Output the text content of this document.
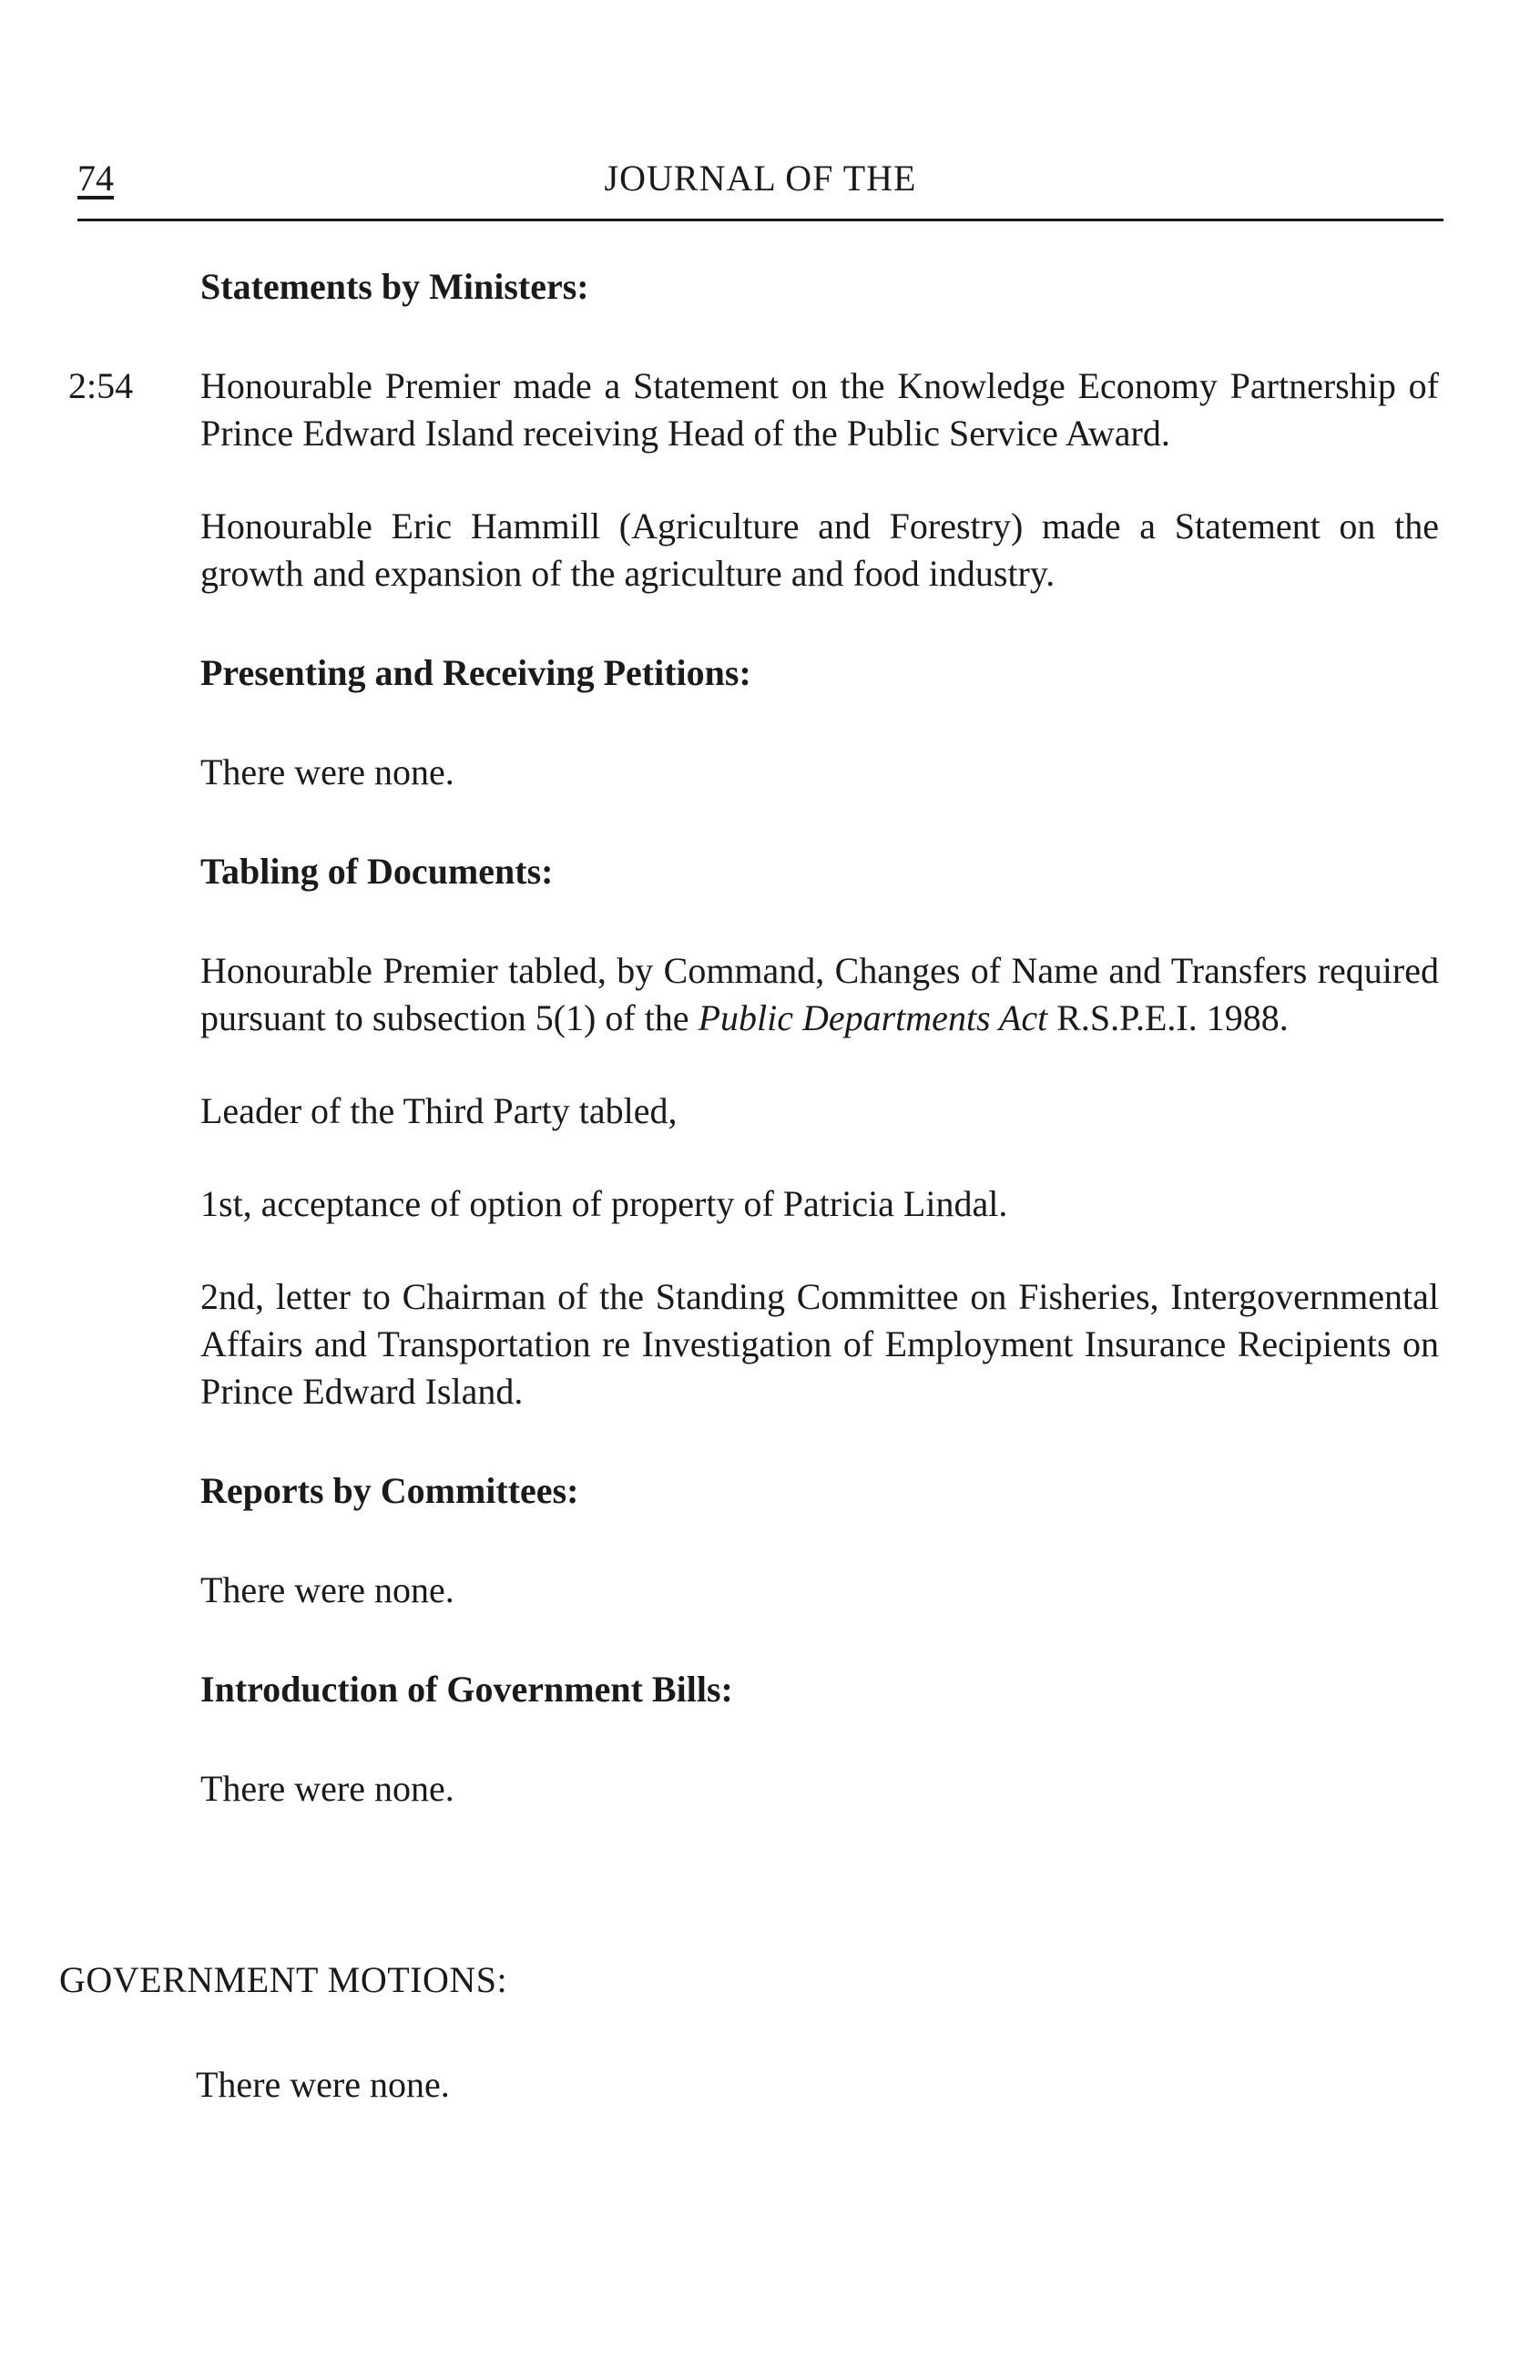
74	JOURNAL OF THE
Statements by Ministers:

2:54 Honourable Premier made a Statement on the Knowledge Economy Partnership of Prince Edward Island receiving Head of the Public Service Award.

Honourable Eric Hammill (Agriculture and Forestry) made a Statement on the growth and expansion of the agriculture and food industry.

Presenting and Receiving Petitions:

There were none.

Tabling of Documents:

Honourable Premier tabled, by Command, Changes of Name and Transfers required pursuant to subsection 5(1) of the Public Departments Act R.S.P.E.I. 1988.

Leader of the Third Party tabled,

1st, acceptance of option of property of Patricia Lindal.

2nd, letter to Chairman of the Standing Committee on Fisheries, Intergovernmental Affairs and Transportation re Investigation of Employment Insurance Recipients on Prince Edward Island.

Reports by Committees:

There were none.

Introduction of Government Bills:

There were none.

GOVERNMENT MOTIONS:

There were none.
